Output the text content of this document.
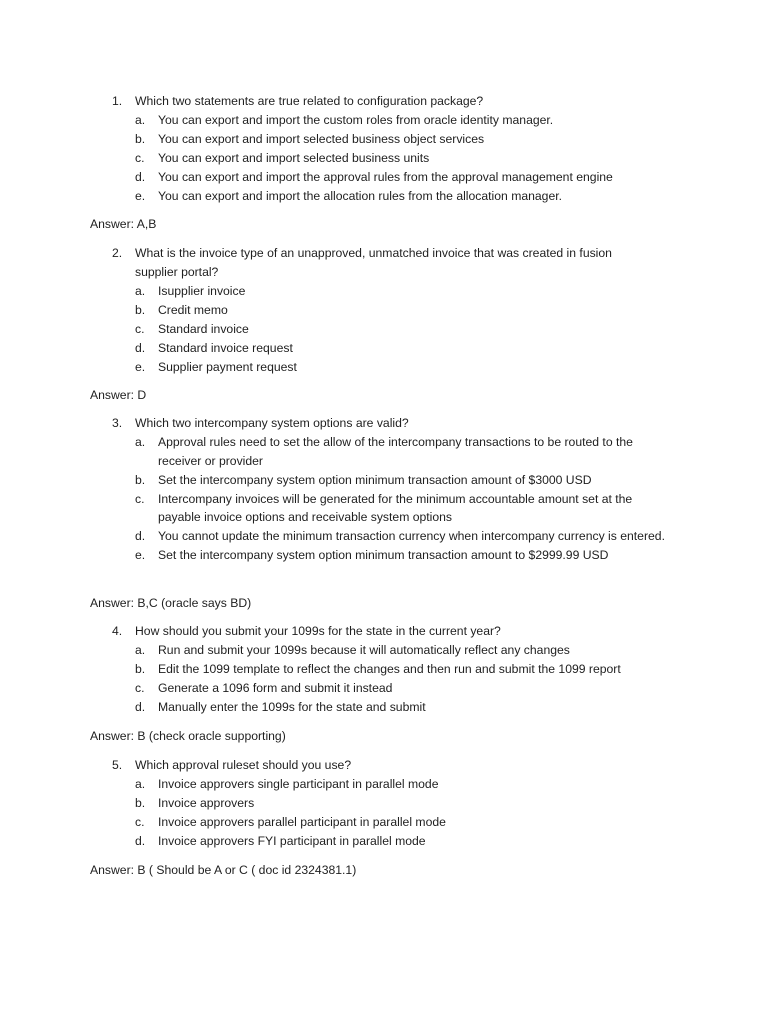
1. Which two statements are true related to configuration package?
a. You can export and import the custom roles from oracle identity manager.
b. You can export and import selected business object services
c. You can export and import selected business units
d. You can export and import the approval rules from the approval management engine
e. You can export and import the allocation rules from the allocation manager.
Answer: A,B
2. What is the invoice type of an unapproved, unmatched invoice that was created in fusion supplier portal?
a. Isupplier invoice
b. Credit memo
c. Standard invoice
d. Standard invoice request
e. Supplier payment request
Answer: D
3. Which two intercompany system options are valid?
a. Approval rules need to set the allow of the intercompany transactions to be routed to the receiver or provider
b. Set the intercompany system option minimum transaction amount of $3000 USD
c. Intercompany invoices will be generated for the minimum accountable amount set at the payable invoice options and receivable system options
d. You cannot update the minimum transaction currency when intercompany currency is entered.
e. Set the intercompany system option minimum transaction amount to $2999.99 USD
Answer: B,C (oracle says BD)
4. How should you submit your 1099s for the state in the current year?
a. Run and submit your 1099s because it will automatically reflect any changes
b. Edit the 1099 template to reflect the changes and then run and submit the 1099 report
c. Generate a 1096 form and submit it instead
d. Manually enter the 1099s for the state and submit
Answer: B (check oracle supporting)
5. Which approval ruleset should you use?
a. Invoice approvers single participant in parallel mode
b. Invoice approvers
c. Invoice approvers parallel participant in parallel mode
d. Invoice approvers FYI participant in parallel mode
Answer: B ( Should be A or C ( doc id 2324381.1)
